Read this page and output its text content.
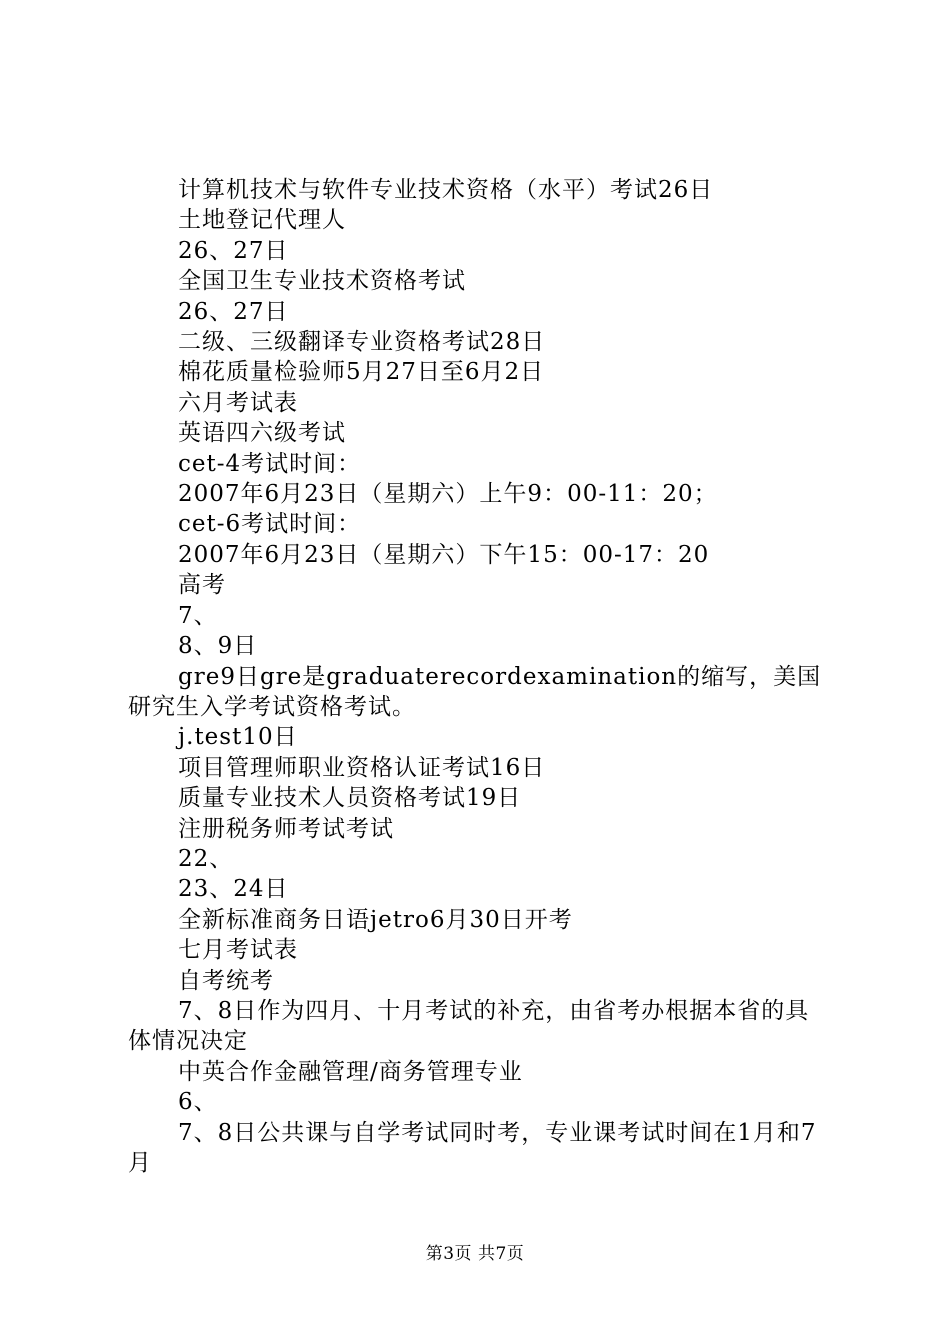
计算机技术与软件专业技术资格（水平）考试26日

土地登记代理人

26、27日

全国卫生专业技术资格考试

26、27日

二级、三级翻译专业资格考试28日

棉花质量检验师5月27日至6月2日

六月考试表

英语四六级考试

cet-4考试时间：

2007年6月23日（星期六）上午9：00-11：20；

cet-6考试时间：

2007年6月23日（星期六）下午15：00-17：20

高考

7、

8、9日

gre9日gre是graduaterecordexamination的缩写，美国研究生入学考试资格考试。

j.test10日

项目管理师职业资格认证考试16日

质量专业技术人员资格考试19日

注册税务师考试考试

22、

23、24日

全新标准商务日语jetro6月30日开考

七月考试表

自考统考

7、8日作为四月、十月考试的补充，由省考办根据本省的具体情况决定

中英合作金融管理/商务管理专业

6、

7、8日公共课与自学考试同时考，专业课考试时间在1月和7月

第3页 共7页
